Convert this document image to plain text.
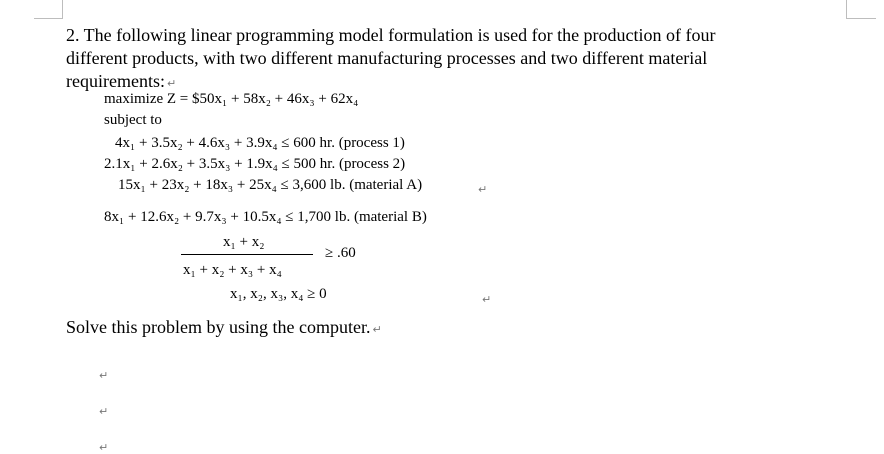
2. The following linear programming model formulation is used for the production of four
different products, with two different manufacturing processes and two different material
requirements: ↵
maximize Z = $50x₁ + 58x₂ + 46x₃ + 62x₄
subject to
4x₁ + 3.5x₂ + 4.6x₃ + 3.9x₄ ≤ 600 hr. (process 1)
2.1x₁ + 2.6x₂ + 3.5x₃ + 1.9x₄ ≤ 500 hr. (process 2)
15x₁ + 23x₂ + 18x₃ + 25x₄ ≤ 3,600 lb. (material A)
8x₁ + 12.6x₂ + 9.7x₃ + 10.5x₄ ≤ 1,700 lb. (material B)
x₁ + x₂
≥ .60
x₁ + x₂ + x₃ + x₄
x₁, x₂, x₃, x₄ ≥ 0
↵
↵
Solve this problem by using the computer. ↵
↵
↵
↵
